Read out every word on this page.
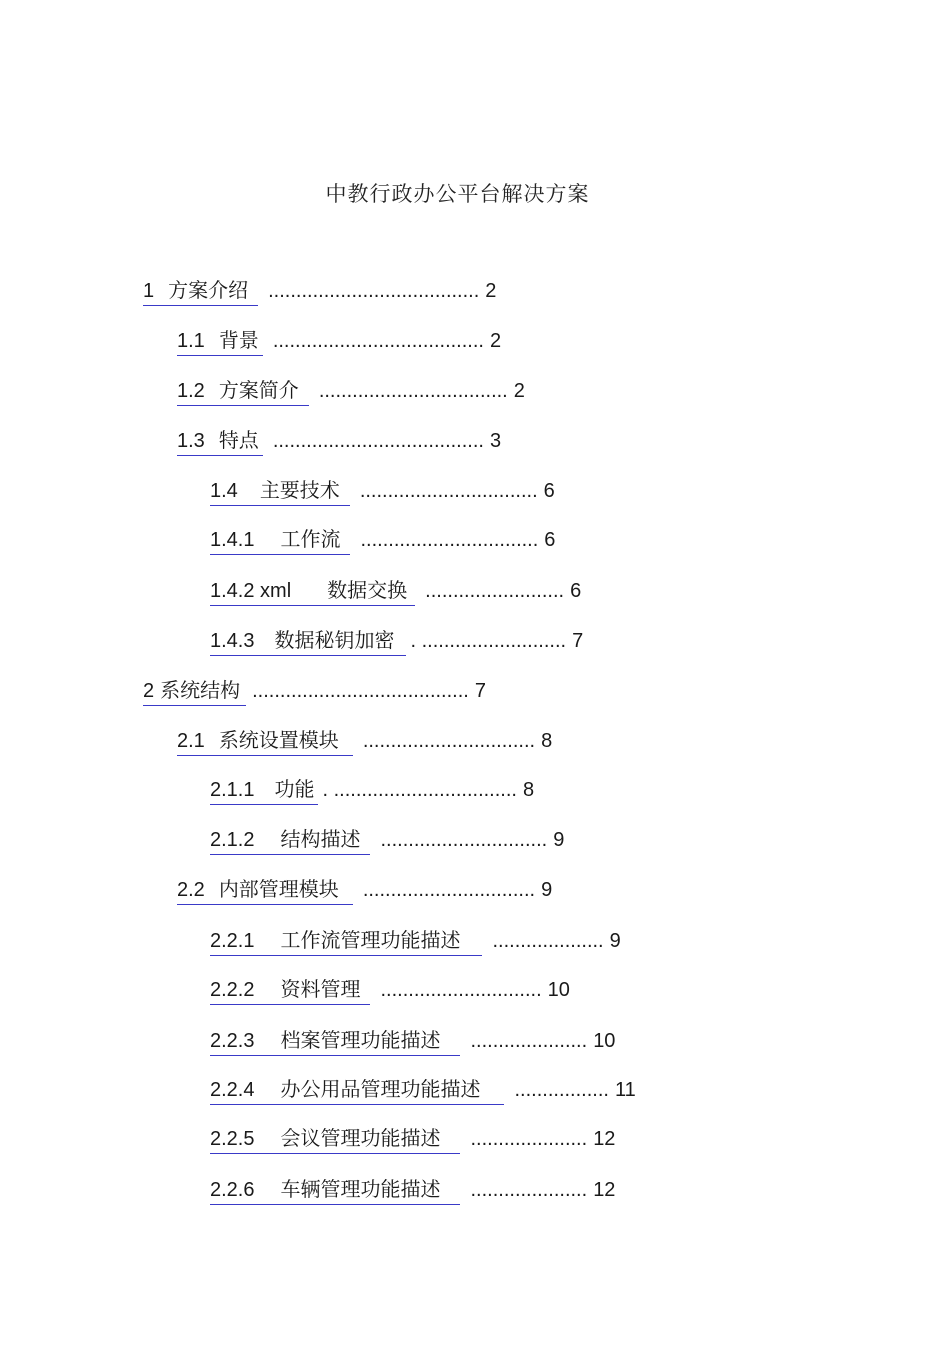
中教行政办公平台解决方案
1 方案介绍 ...................................... 2
1.1 背景 ...................................... 2
1.2 方案简介 .................................. 2
1.3 特点 ...................................... 3
1.4 主要技术 ................................ 6
1.4.1 工作流 ................................ 6
1.4.2 xml 数据交换 ......................... 6
1.4.3 数据秘钥加密 . .......................... 7
2 系统结构 ....................................... 7
2.1 系统设置模块 ............................... 8
2.1.1 功能 . ................................. 8
2.1.2 结构描述 .............................. 9
2.2 内部管理模块 ............................... 9
2.2.1 工作流管理功能描述 .................... 9
2.2.2 资料管理 ............................. 10
2.2.3 档案管理功能描述 ..................... 10
2.2.4 办公用品管理功能描述 ................. 11
2.2.5 会议管理功能描述 ..................... 12
2.2.6 车辆管理功能描述 ..................... 12
